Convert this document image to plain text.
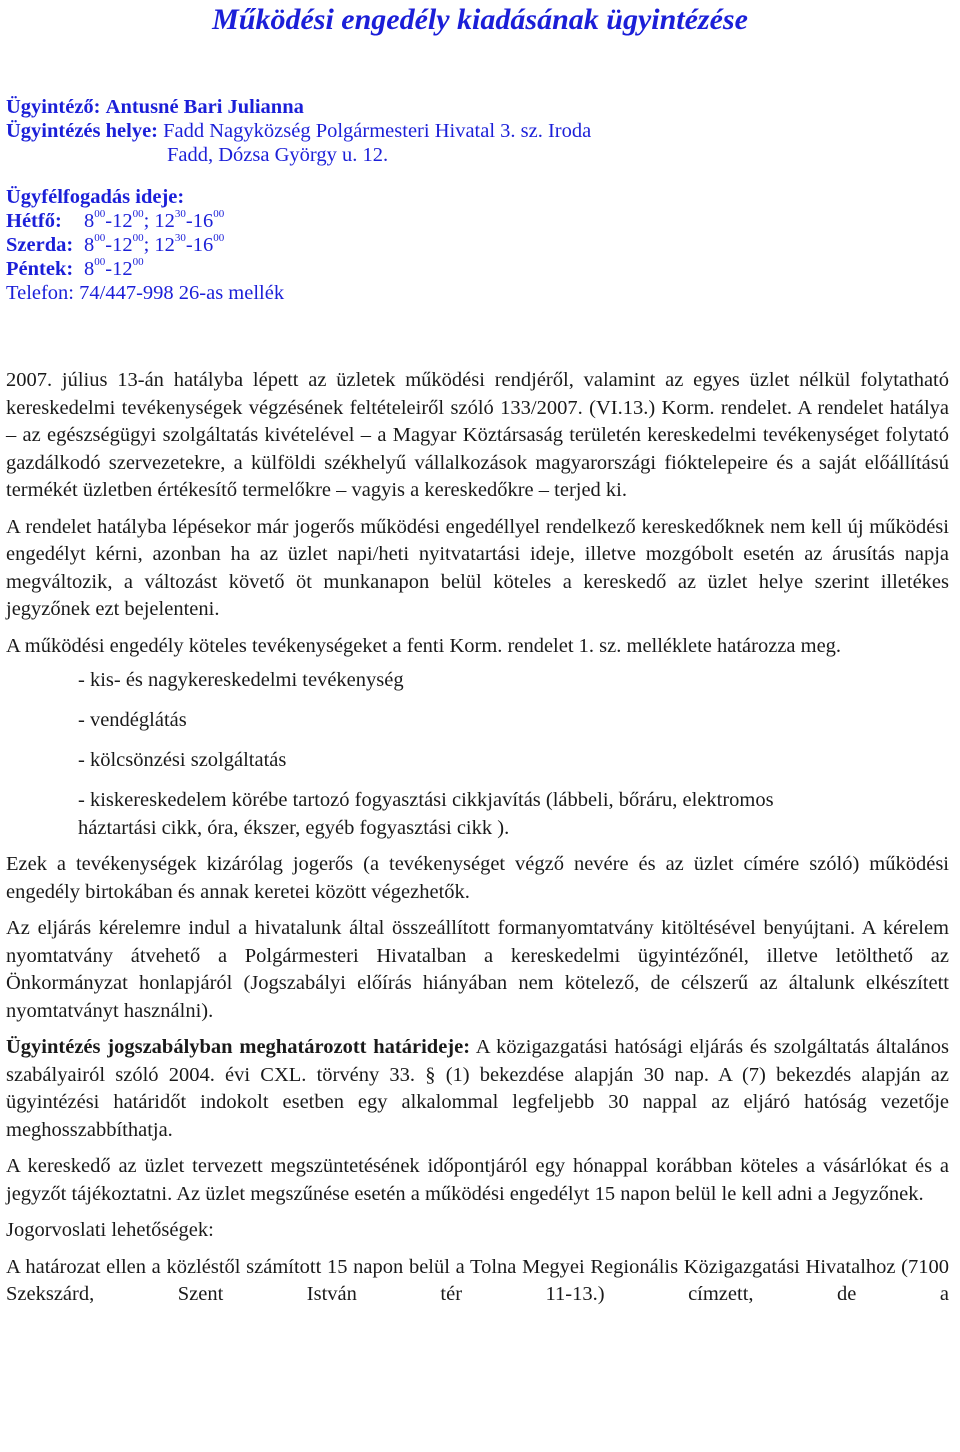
Működési engedély kiadásának ügyintézése
Ügyintéző: Antusné Bari Julianna
Ügyintézés helye: Fadd Nagyközség Polgármesteri Hivatal 3. sz. Iroda
Fadd, Dózsa György u. 12.
Ügyfélfogadás ideje:
Hétfő: $8^{00}-12^{00}$; $12^{30}-16^{00}$
Szerda: $8^{00}-12^{00}$; $12^{30}-16^{00}$
Péntek: $8^{00}-12^{00}$
Telefon: 74/447-998 26-as mellék

2007. július 13-án hatályba lépett az üzletek működési rendjéről, valamint az egyes üzlet nélkül folytatható kereskedelmi tevékenységek végzésének feltételeiről szóló 133/2007. (VI.13.) Korm. rendelet. A rendelet hatálya – az egészségügyi szolgáltatás kivételével – a Magyar Köztársaság területén kereskedelmi tevékenységet folytató gazdálkodó szervezetekre, a külföldi székhelyű vállalkozások magyarországi fióktelepeire és a saját előállítású termékét üzletben értékesítő termelőkre – vagyis a kereskedőkre – terjed ki.

A rendelet hatályba lépésekor már jogerős működési engedéllyel rendelkező kereskedőknek nem kell új működési engedélyt kérni, azonban ha az üzlet napi/heti nyitvatartási ideje, illetve mozgóbolt esetén az árusítás napja megváltozik, a változást követő öt munkanapon belül köteles a kereskedő az üzlet helye szerint illetékes jegyzőnek ezt bejelenteni.

A működési engedély köteles tevékenységeket a fenti Korm. rendelet 1. sz. melléklete határozza meg.

- kis- és nagykereskedelmi tevékenység
- vendéglátás
- kölcsönzési szolgáltatás
- kiskereskedelem körébe tartozó fogyasztási cikkjavítás (lábbeli, bőráru, elektromos háztartási cikk, óra, ékszer, egyéb fogyasztási cikk ).

Ezek a tevékenységek kizárólag jogerős (a tevékenységet végző nevére és az üzlet címére szóló) működési engedély birtokában és annak keretei között végezhetők.

Az eljárás kérelemre indul a hivatalunk által összeállított formanyomtatvány kitöltésével benyújtani. A kérelem nyomtatvány átvehető a Polgármesteri Hivatalban a kereskedelmi ügyintézőnél, illetve letölthető az Önkormányzat honlapjáról (Jogszabályi előírás hiányában nem kötelező, de célszerű az általunk elkészített nyomtatványt használni).

Ügyintézés jogszabályban meghatározott határideje: A közigazgatási hatósági eljárás és szolgáltatás általános szabályairól szóló 2004. évi CXL. törvény 33. § (1) bekezdése alapján 30 nap. A (7) bekezdés alapján az ügyintézési határidőt indokolt esetben egy alkalommal legfeljebb 30 nappal az eljáró hatóság vezetője meghosszabbíthatja.

A kereskedő az üzlet tervezett megszüntetésének időpontjáról egy hónappal korábban köteles a vásárlókat és a jegyzőt tájékoztatni. Az üzlet megszűnése esetén a működési engedélyt 15 napon belül le kell adni a Jegyzőnek.

Jogorvoslati lehetőségek:

A határozat ellen a közléstől számított 15 napon belül a Tolna Megyei Regionális Közigazgatási Hivatalhoz (7100 Szekszárd, Szent István tér 11-13.) címzett, de a
